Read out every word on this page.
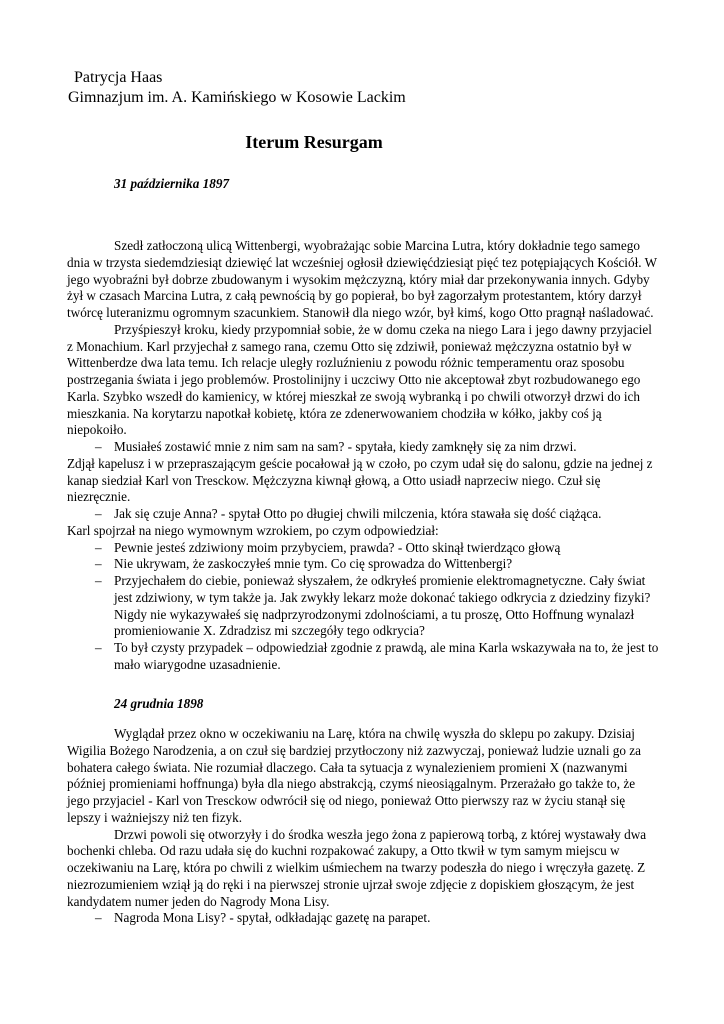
Patrycja Haas
Gimnazjum im. A. Kamińskiego w Kosowie Lackim
Iterum Resurgam
31 października 1897

Szedł zatłoczoną ulicą Wittenbergi, wyobrażając sobie Marcina Lutra, który dokładnie tego samego dnia w trzysta siedemdziesiąt dziewięć lat wcześniej ogłosił dziewięćdziesiąt pięć tez potępiających Kościół. W jego wyobraźni był dobrze zbudowanym i wysokim mężczyzną, który miał dar przekonywania innych. Gdyby żył w czasach Marcina Lutra, z całą pewnością by go popierał, bo był zagorzałym protestantem, który darzył twórcę luteranizmu ogromnym szacunkiem. Stanowił dla niego wzór, był kimś, kogo Otto pragnął naśladować.

Przyśpieszył kroku, kiedy przypomniał sobie, że w domu czeka na niego Lara i jego dawny przyjaciel z Monachium. Karl przyjechał z samego rana, czemu Otto się zdziwił, ponieważ mężczyzna ostatnio był w Wittenberdze dwa lata temu. Ich relacje uległy rozluźnieniu z powodu różnic temperamentu oraz sposobu postrzegania świata i jego problemów. Prostolinijny i uczciwy Otto nie akceptował zbyt rozbudowanego ego Karla. Szybko wszedł do kamienicy, w której mieszkał ze swoją wybranką i po chwili otworzył drzwi do ich mieszkania. Na korytarzu napotkał kobietę, która ze zdenerwowaniem chodziła w kółko, jakby coś ją niepokoiło.

– Musiałeś zostawić mnie z nim sam na sam? - spytała, kiedy zamknęły się za nim drzwi.

Zdjął kapelusz i w przepraszającym geście pocałował ją w czoło, po czym udał się do salonu, gdzie na jednej z kanap siedział Karl von Tresckow. Mężczyzna kiwnął głową, a Otto usiadł naprzeciw niego. Czuł się niezręcznie.

– Jak się czuje Anna? - spytał Otto po długiej chwili milczenia, która stawała się dość ciążąca.

Karl spojrzał na niego wymownym wzrokiem, po czym odpowiedział:

– Pewnie jesteś zdziwiony moim przybyciem, prawda? - Otto skinął twierdząco głową

– Nie ukrywam, że zaskoczyłeś mnie tym. Co cię sprowadza do Wittenbergi?

– Przyjechałem do ciebie, ponieważ słyszałem, że odkryłeś promienie elektromagnetyczne. Cały świat jest zdziwiony, w tym także ja. Jak zwykły lekarz może dokonać takiego odkrycia z dziedziny fizyki? Nigdy nie wykazywałeś się nadprzyrodzonymi zdolnościami, a tu proszę, Otto Hoffnung wynalazł promieniowanie X. Zdradzisz mi szczegóły tego odkrycia?

– To był czysty przypadek – odpowiedział zgodnie z prawdą, ale mina Karla wskazywała na to, że jest to mało wiarygodne uzasadnienie.

24 grudnia 1898

Wyglądał przez okno w oczekiwaniu na Larę, która na chwilę wyszła do sklepu po zakupy. Dzisiaj Wigilia Bożego Narodzenia, a on czuł się bardziej przytłoczony niż zazwyczaj, ponieważ ludzie uznali go za bohatera całego świata. Nie rozumiał dlaczego. Cała ta sytuacja z wynalezieniem promieni X (nazwanymi później promieniami hoffnunga) była dla niego abstrakcją, czymś nieosiągalnym. Przerażało go także to, że jego przyjaciel - Karl von Tresckow odwrócił się od niego, ponieważ Otto pierwszy raz w życiu stanął się lepszy i ważniejszy niż ten fizyk.

Drzwi powoli się otworzyły i do środka weszła jego żona z papierową torbą, z której wystawały dwa bochenki chleba. Od razu udała się do kuchni rozpakować zakupy, a Otto tkwił w tym samym miejscu w oczekiwaniu na Larę, która po chwili z wielkim uśmiechem na twarzy podeszła do niego i wręczyła gazetę. Z niezrozumieniem wziął ją do ręki i na pierwszej stronie ujrzał swoje zdjęcie z dopiskiem głoszącym, że jest kandydatem numer jeden do Nagrody Mona Lisy.

– Nagroda Mona Lisy? - spytał, odkładając gazetę na parapet.
